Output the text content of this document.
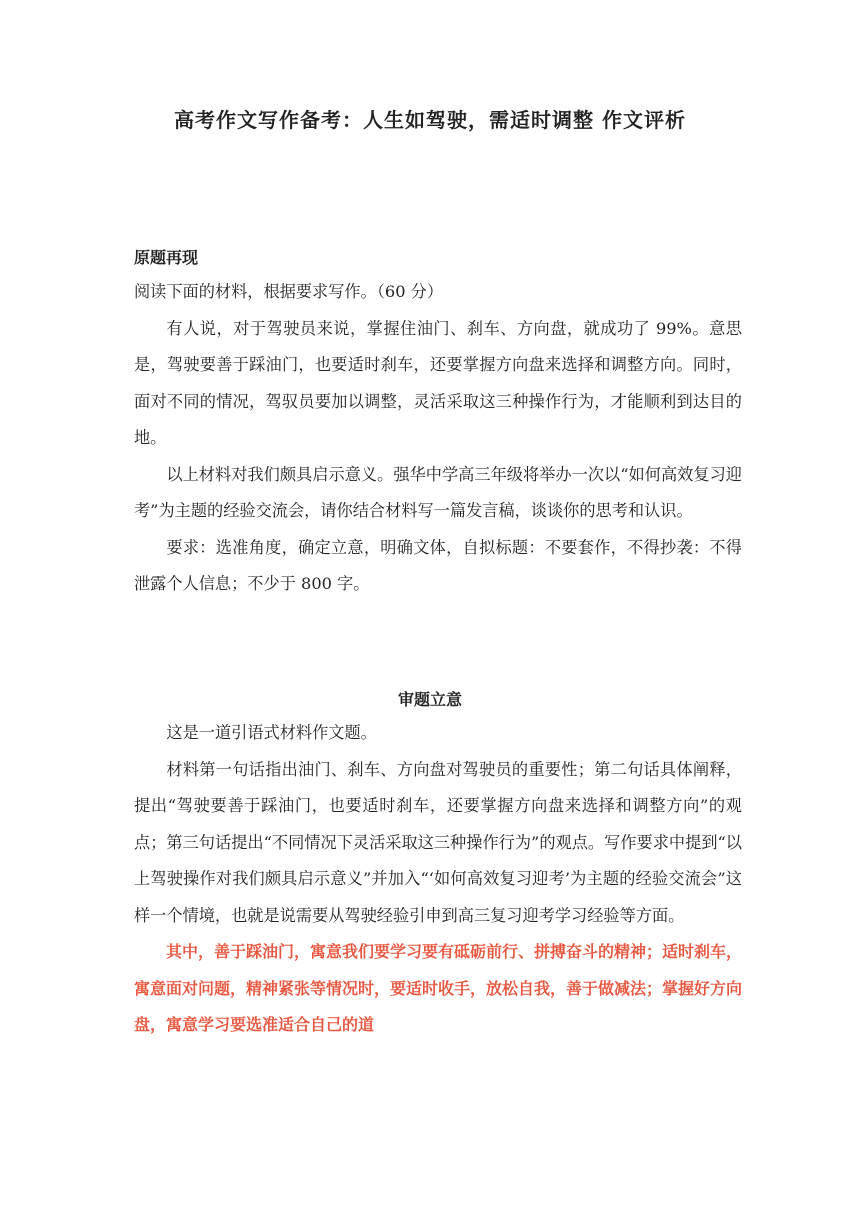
高考作文写作备考：人生如驾驶，需适时调整 作文评析
原题再现

阅读下面的材料，根据要求写作。（60 分）

有人说，对于驾驶员来说，掌握住油门、刹车、方向盘，就成功了 99%。意思是，驾驶要善于踩油门，也要适时刹车，还要掌握方向盘来选择和调整方向。同时，面对不同的情况，驾驭员要加以调整，灵活采取这三种操作行为，才能顺利到达目的地。

以上材料对我们颇具启示意义。强华中学高三年级将举办一次以“如何高效复习迎考”为主题的经验交流会，请你结合材料写一篇发言稿，谈谈你的思考和认识。

要求：选准角度，确定立意，明确文体，自拟标题：不要套作，不得抄袭：不得泄露个人信息；不少于 800 字。

审题立意

这是一道引语式材料作文题。

材料第一句话指出油门、刹车、方向盘对驾驶员的重要性；第二句话具体阐释，提出“驾驶要善于踩油门，也要适时刹车，还要掌握方向盘来选择和调整方向”的观点；第三句话提出“不同情况下灵活采取这三种操作行为”的观点。写作要求中提到“以上驾驶操作对我们颇具启示意义”并加入“‘如何高效复习迎考’为主题的经验交流会”这样一个情境，也就是说需要从驾驶经验引申到高三复习迎考学习经验等方面。

其中，善于踩油门，寓意我们要学习要有砥砺前行、拼搏奋斗的精神；适时刹车，寓意面对问题，精神紧张等情况时，要适时收手，放松自我，善于做减法；掌握好方向盘，寓意学习要选准适合自己的道
